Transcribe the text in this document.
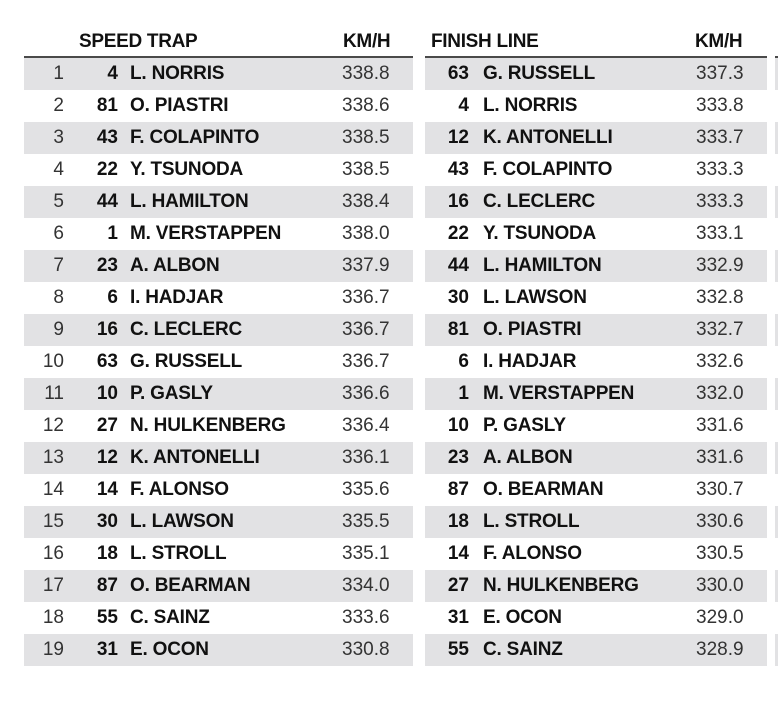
SPEED TRAP	KM/H
1	4 L. NORRIS	338.8
2	81 O. PIASTRI	338.6
3	43 F. COLAPINTO	338.5
4	22 Y. TSUNODA	338.5
5	44 L. HAMILTON	338.4
6	1 M. VERSTAPPEN	338.0
7	23 A. ALBON	337.9
8	6 I. HADJAR	336.7
9	16 C. LECLERC	336.7
10	63 G. RUSSELL	336.7
11	10 P. GASLY	336.6
12	27 N. HULKENBERG	336.4
13	12 K. ANTONELLI	336.1
14	14 F. ALONSO	335.6
15	30 L. LAWSON	335.5
16	18 L. STROLL	335.1
17	87 O. BEARMAN	334.0
18	55 C. SAINZ	333.6
19	31 E. OCON	330.8
FINISH LINE	KM/H
63 G. RUSSELL	337.3
4 L. NORRIS	333.8
12 K. ANTONELLI	333.7
43 F. COLAPINTO	333.3
16 C. LECLERC	333.3
22 Y. TSUNODA	333.1
44 L. HAMILTON	332.9
30 L. LAWSON	332.8
81 O. PIASTRI	332.7
6 I. HADJAR	332.6
1 M. VERSTAPPEN	332.0
10 P. GASLY	331.6
23 A. ALBON	331.6
87 O. BEARMAN	330.7
18 L. STROLL	330.6
14 F. ALONSO	330.5
27 N. HULKENBERG	330.0
31 E. OCON	329.0
55 C. SAINZ	328.9
